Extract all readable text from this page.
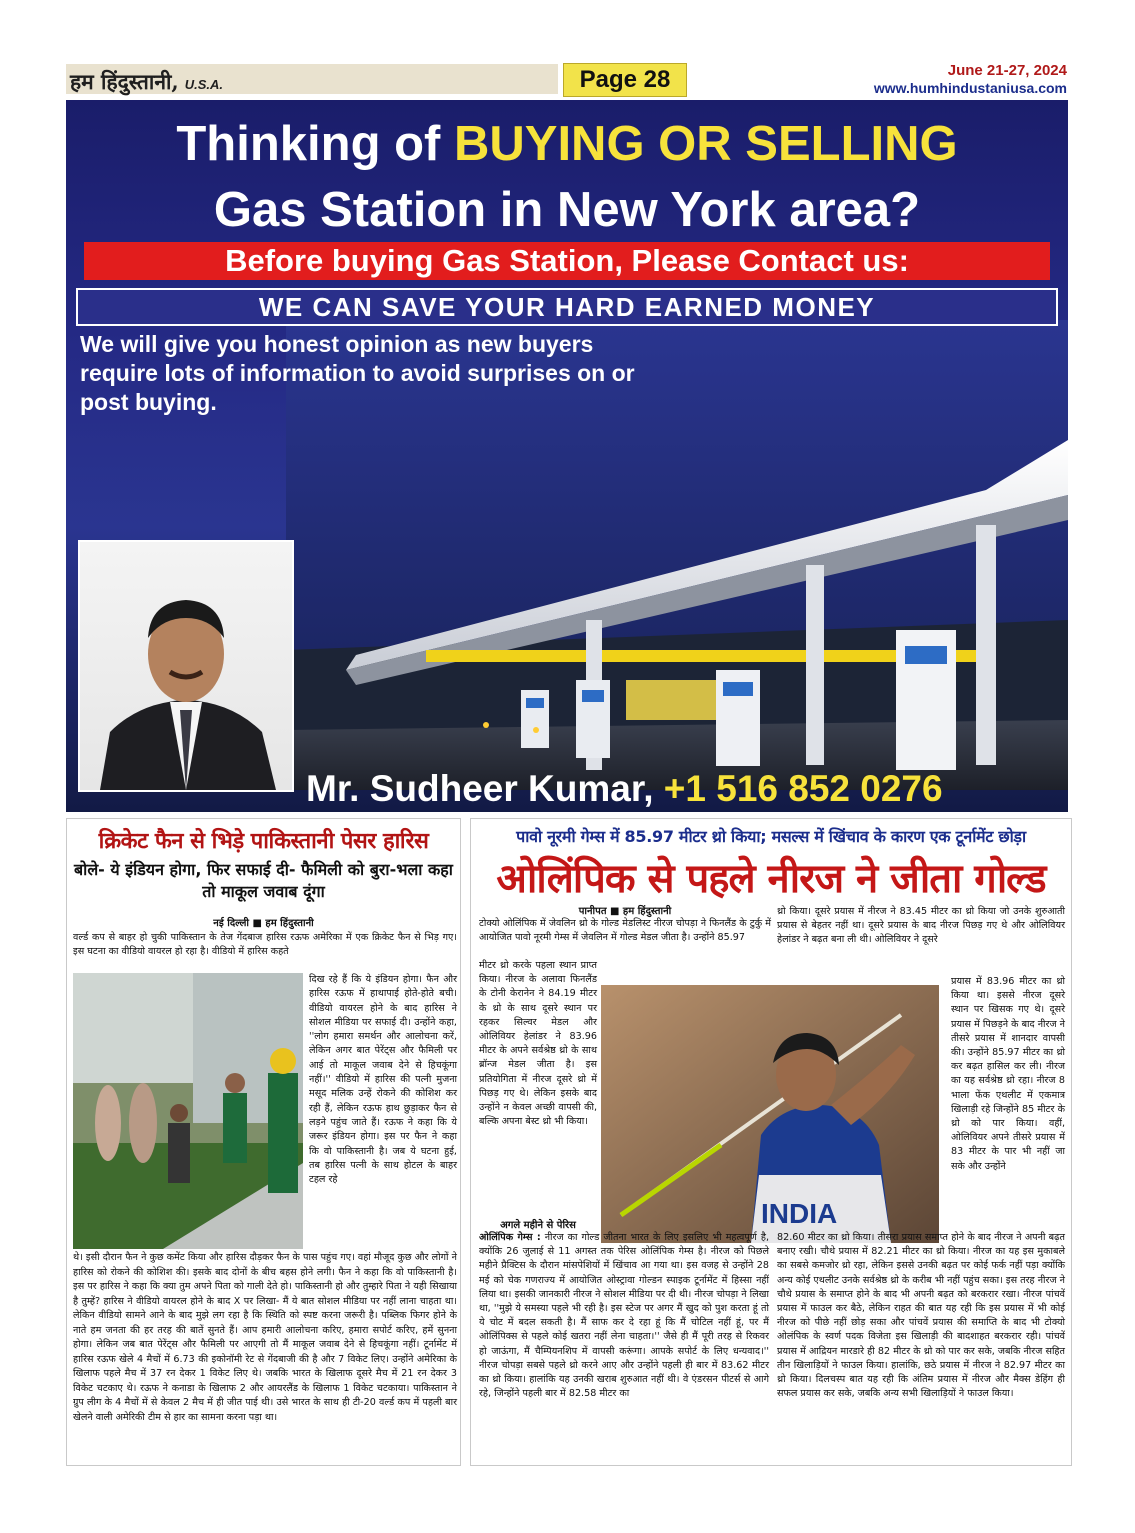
हम हिंदुस्तानी, U.S.A.	Page 28	June 21-27, 2024
www.humhindustaniusa.com
Thinking of BUYING OR SELLING
Gas Station in New York area?
Before buying Gas Station, Please Contact us:
WE CAN SAVE YOUR HARD EARNED MONEY
We will give you honest opinion as new buyers require lots of information to avoid surprises on or post buying.
Mr. Sudheer Kumar, +1 516 852 0276
क्रिकेट फैन से भिड़े पाकिस्तानी पेसर हारिस
बोले- ये इंडियन होगा, फिर सफाई दी- फैमिली को बुरा-भला कहा तो माकूल जवाब दूंगा
नई दिल्ली ■ हम हिंदुस्तानी
वर्ल्ड कप से बाहर हो चुकी पाकिस्तान के तेज गेंदबाज हारिस रऊफ अमेरिका में एक क्रिकेट फैन से भिड़ गए। इस घटना का वीडियो वायरल हो रहा है। वीडियो में हारिस कहते
दिख रहे हैं कि ये इंडियन होगा। फैन और हारिस रऊफ में हाथापाई होते-होते बची। वीडियो वायरल होने के बाद हारिस ने सोशल मीडिया पर सफाई दी। उन्होंने कहा, ''लोग हमारा समर्थन और आलोचना करें, लेकिन अगर बात पेरेंट्स और फैमिली पर आई तो माकूल जवाब देने से हिचकूंगा नहीं।'' वीडियो में हारिस की पत्नी मुजना मसूद मलिक उन्हें रोकने की कोशिश कर रही हैं, लेकिन रऊफ हाथ छुड़ाकर फैन से लड़ने पहुंच जाते हैं। रऊफ ने कहा कि ये जरूर इंडियन होगा। इस पर फैन ने कहा कि वो पाकिस्तानी है। जब ये घटना हुई, तब हारिस पत्नी के साथ होटल के बाहर टहल रहे
थे। इसी दौरान फैन ने कुछ कमेंट किया और हारिस दौड़कर फैन के पास पहुंच गए। वहां मौजूद कुछ और लोगों ने हारिस को रोकने की कोशिश की। इसके बाद दोनों के बीच बहस होने लगी। फैन ने कहा कि वो पाकिस्तानी है। इस पर हारिस ने कहा कि क्या तुम अपने पिता को गाली देते हो। पाकिस्तानी हो और तुम्हारे पिता ने यही सिखाया है तुम्हें? हारिस ने वीडियो वायरल होने के बाद X पर लिखा- मैं ये बात सोशल मीडिया पर नहीं लाना चाहता था। लेकिन वीडियो सामने आने के बाद मुझे लग रहा है कि स्थिति को स्पष्ट करना जरूरी है। पब्लिक फिगर होने के नाते हम जनता की हर तरह की बातें सुनते हैं। आप हमारी आलोचना करिए, हमारा सपोर्ट करिए, हमें सुनना होगा। लेकिन जब बात पेरेंट्स और फैमिली पर आएगी तो मैं माकूल जवाब देने से हिचकूंगा नहीं। टूर्नामेंट में हारिस रऊफ खेले 4 मैचों में 6.73 की इकोनॉमी रेट से गेंदबाजी की है और 7 विकेट लिए। उन्होंने अमेरिका के खिलाफ पहले मैच में 37 रन देकर 1 विकेट लिए थे। जबकि भारत के खिलाफ दूसरे मैच में 21 रन देकर 3 विकेट चटकाए थे। रऊफ ने कनाडा के खिलाफ 2 और आयरलैंड के खिलाफ 1 विकेट चटकाया। पाकिस्तान ने ग्रुप लीग के 4 मैचों में से केवल 2 मैच में ही जीत पाई थी। उसे भारत के साथ ही टी-20 वर्ल्ड कप में पहली बार खेलने वाली अमेरिकी टीम से हार का सामना करना पड़ा था।
पावो नूरमी गेम्स में 85.97 मीटर थ्रो किया; मसल्स में खिंचाव के कारण एक टूर्नामेंट छोड़ा
ओलिंपिक से पहले नीरज ने जीता गोल्ड
पानीपत ■ हम हिंदुस्तानी
टोक्यो ओलिंपिक में जेवलिन थ्रो के गोल्ड मेडलिस्ट नीरज चोपड़ा ने फिनलैंड के टुर्कु में आयोजित पावो नूरमी गेम्स में जेवलिन में गोल्ड मेडल जीता है। उन्होंने 85.97
मीटर थ्रो करके पहला स्थान प्राप्त किया। नीरज के अलावा फिनलैंड के टोनी केरानेन ने 84.19 मीटर के थ्रो के साथ दूसरे स्थान पर रहकर सिल्वर मेडल और ओलिवियर हेलांडर ने 83.96 मीटर के अपने सर्वश्रेष्ठ थ्रो के साथ ब्रॉन्ज मेडल जीता है। इस प्रतियोगिता में नीरज दूसरे थ्रो में पिछड़ गए थे। लेकिन इसके बाद उन्होंने न केवल अच्छी वापसी की, बल्कि अपना बेस्ट थ्रो भी किया।
INDIA
थ्रो किया। दूसरे प्रयास में नीरज ने 83.45 मीटर का थ्रो किया जो उनके शुरुआती प्रयास से बेहतर नहीं था। दूसरे प्रयास के बाद नीरज पिछड़ गए थे और ओलिवियर हेलांडर ने बढ़त बना ली थी। ओलिवियर ने दूसरे
प्रयास में 83.96 मीटर का थ्रो किया था। इससे नीरज दूसरे स्थान पर खिसक गए थे। दूसरे प्रयास में पिछड़ने के बाद नीरज ने तीसरे प्रयास में शानदार वापसी की। उन्होंने 85.97 मीटर का थ्रो कर बढ़त हासिल कर ली। नीरज का यह सर्वश्रेष्ठ थ्रो रहा। नीरज 8 भाला फेंक एथलीट में एकमात्र खिलाड़ी रहे जिन्होंने 85 मीटर के थ्रो को पार किया। वहीं, ओलिवियर अपने तीसरे प्रयास में 83 मीटर के पार भी नहीं जा सके और उन्होंने
अगले महीने से पेरिस
ओलिंपिक गेम्स : नीरज का गोल्ड जीतना भारत के लिए इसलिए भी महत्वपूर्ण है, क्योंकि 26 जुलाई से 11 अगस्त तक पेरिस ओलिंपिक गेम्स है। नीरज को पिछले महीने प्रैक्टिस के दौरान मांसपेशियों में खिंचाव आ गया था। इस वजह से उन्होंने 28 मई को चेक गणराज्य में आयोजित ओस्ट्रावा गोल्डन स्पाइक टूर्नामेंट में हिस्सा नहीं लिया था। इसकी जानकारी नीरज ने सोशल मीडिया पर दी थी। नीरज चोपड़ा ने लिखा था, ''मुझे ये समस्या पहले भी रही है। इस स्टेज पर अगर मैं खुद को पुश करता हूं तो ये चोट में बदल सकती है। मैं साफ कर दे रहा हूं कि मैं चोटिल नहीं हूं, पर मैं ओलिंपिक्स से पहले कोई खतरा नहीं लेना चाहता।'' जैसे ही मैं पूरी तरह से रिकवर हो जाऊंगा, मैं चैम्पियनशिप में वापसी करूंगा। आपके सपोर्ट के लिए धन्यवाद।'' नीरज चोपड़ा सबसे पहले थ्रो करने आए और उन्होंने पहली ही बार में 83.62 मीटर का थ्रो किया। हालांकि यह उनकी खराब शुरुआत नहीं थी। वे एंडरसन पीटर्स से आगे रहे, जिन्होंने पहली बार में 82.58 मीटर का
82.60 मीटर का थ्रो किया। तीसरा प्रयास समाप्त होने के बाद नीरज ने अपनी बढ़त बनाए रखी। चौथे प्रयास में 82.21 मीटर का थ्रो किया। नीरज का यह इस मुकाबले का सबसे कमजोर थ्रो रहा, लेकिन इससे उनकी बढ़त पर कोई फर्क नहीं पड़ा क्योंकि अन्य कोई एथलीट उनके सर्वश्रेष्ठ थ्रो के करीब भी नहीं पहुंच सका। इस तरह नीरज ने चौथे प्रयास के समाप्त होने के बाद भी अपनी बढ़त को बरकरार रखा। नीरज पांचवें प्रयास में फाउल कर बैठे, लेकिन राहत की बात यह रही कि इस प्रयास में भी कोई नीरज को पीछे नहीं छोड़ सका और पांचवें प्रयास की समाप्ति के बाद भी टोक्यो ओलंपिक के स्वर्ण पदक विजेता इस खिलाड़ी की बादशाहत बरकरार रही। पांचवें प्रयास में आद्रियन मारडारे ही 82 मीटर के थ्रो को पार कर सके, जबकि नीरज सहित तीन खिलाड़ियों ने फाउल किया। हालांकि, छठे प्रयास में नीरज ने 82.97 मीटर का थ्रो किया। दिलचस्प बात यह रही कि अंतिम प्रयास में नीरज और मैक्स डेहिंग ही सफल प्रयास कर सके, जबकि अन्य सभी खिलाड़ियों ने फाउल किया।
